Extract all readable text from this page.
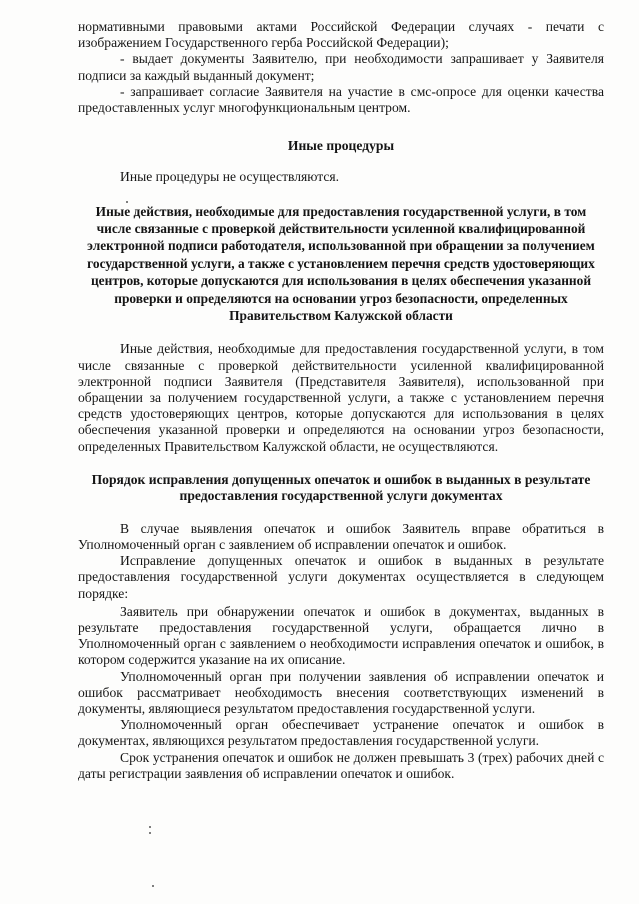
нормативными правовыми актами Российской Федерации случаях - печати с изображением Государственного герба Российской Федерации);

- выдает документы Заявителю, при необходимости запрашивает у Заявителя подписи за каждый выданный документ;

- запрашивает согласие Заявителя на участие в смс-опросе для оценки качества предоставленных услуг многофункциональным центром.

Иные процедуры

Иные процедуры не осуществляются.

Иные действия, необходимые для предоставления государственной услуги, в том числе связанные с проверкой действительности усиленной квалифицированной электронной подписи работодателя, использованной при обращении за получением государственной услуги, а также с установлением перечня средств удостоверяющих центров, которые допускаются для использования в целях обеспечения указанной проверки и определяются на основании угроз безопасности, определенных Правительством Калужской области

Иные действия, необходимые для предоставления государственной услуги, в том числе связанные с проверкой действительности усиленной квалифицированной электронной подписи Заявителя (Представителя Заявителя), использованной при обращении за получением государственной услуги, а также с установлением перечня средств удостоверяющих центров, которые допускаются для использования в целях обеспечения указанной проверки и определяются на основании угроз безопасности, определенных Правительством Калужской области, не осуществляются.

Порядок исправления допущенных опечаток и ошибок в выданных в результате предоставления государственной услуги документах

В случае выявления опечаток и ошибок Заявитель вправе обратиться в Уполномоченный орган с заявлением об исправлении опечаток и ошибок.

Исправление допущенных опечаток и ошибок в выданных в результате предоставления государственной услуги документах осуществляется в следующем порядке:

Заявитель при обнаружении опечаток и ошибок в документах, выданных в результате предоставления государственной услуги, обращается лично в Уполномоченный орган с заявлением о необходимости исправления опечаток и ошибок, в котором содержится указание на их описание.

Уполномоченный орган при получении заявления об исправлении опечаток и ошибок рассматривает необходимость внесения соответствующих изменений в документы, являющиеся результатом предоставления государственной услуги.

Уполномоченный орган обеспечивает устранение опечаток и ошибок в документах, являющихся результатом предоставления государственной услуги.

Срок устранения опечаток и ошибок не должен превышать 3 (трех) рабочих дней с даты регистрации заявления об исправлении опечаток и ошибок.
